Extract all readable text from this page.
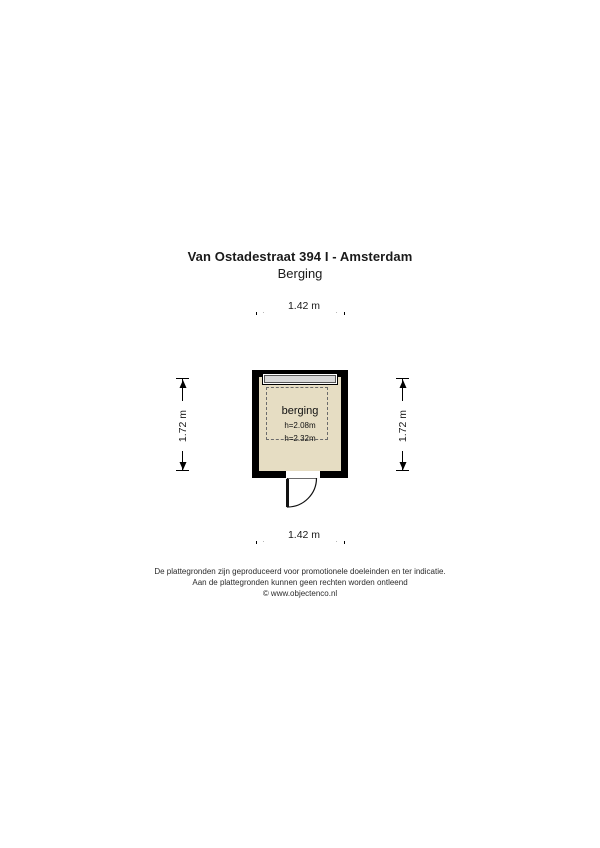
Van Ostadestraat 394 I - Amsterdam
Berging
1.42 m
1.72 m	1.72 m
berging
h=2.08m
h=2.32m
1.42 m
De plattegronden zijn geproduceerd voor promotionele doeleinden en ter indicatie.
Aan de plattegronden kunnen geen rechten worden ontleend
© www.objectenco.nl
